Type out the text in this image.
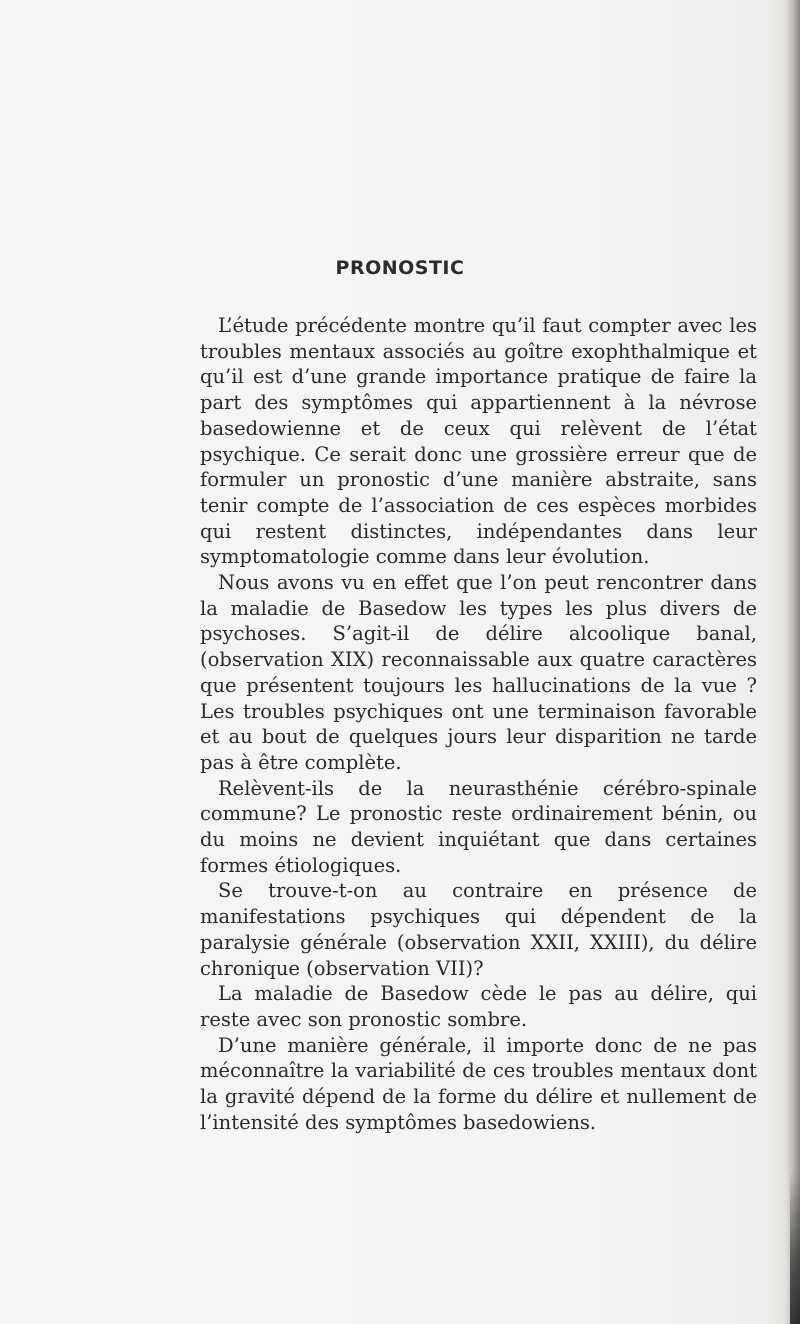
PRONOSTIC

L’étude précédente montre qu’il faut compter avec les troubles mentaux associés au goître exophthalmique et qu’il est d’une grande importance pratique de faire la part des symptômes qui appartiennent à la névrose basedowienne et de ceux qui relèvent de l’état psychique. Ce serait donc une grossière erreur que de formuler un pronostic d’une manière abstraite, sans tenir compte de l’association de ces espèces morbides qui restent distinctes, indépendantes dans leur symptomatologie comme dans leur évolution.

Nous avons vu en effet que l’on peut rencontrer dans la maladie de Basedow les types les plus divers de psychoses. S’agit-il de délire alcoolique banal, (observation XIX) reconnaissable aux quatre caractères que présentent toujours les hallucinations de la vue ? Les troubles psychiques ont une terminaison favorable et au bout de quelques jours leur disparition ne tarde pas à être complète.

Relèvent-ils de la neurasthénie cérébro-spinale commune? Le pronostic reste ordinairement bénin, ou du moins ne devient inquiétant que dans certaines formes étiologiques.

Se trouve-t-on au contraire en présence de manifestations psychiques qui dépendent de la paralysie générale (observation XXII, XXIII), du délire chronique (observation VII)?

La maladie de Basedow cède le pas au délire, qui reste avec son pronostic sombre.

D’une manière générale, il importe donc de ne pas méconnaître la variabilité de ces troubles mentaux dont la gravité dépend de la forme du délire et nullement de l’intensité des symptômes basedowiens.
